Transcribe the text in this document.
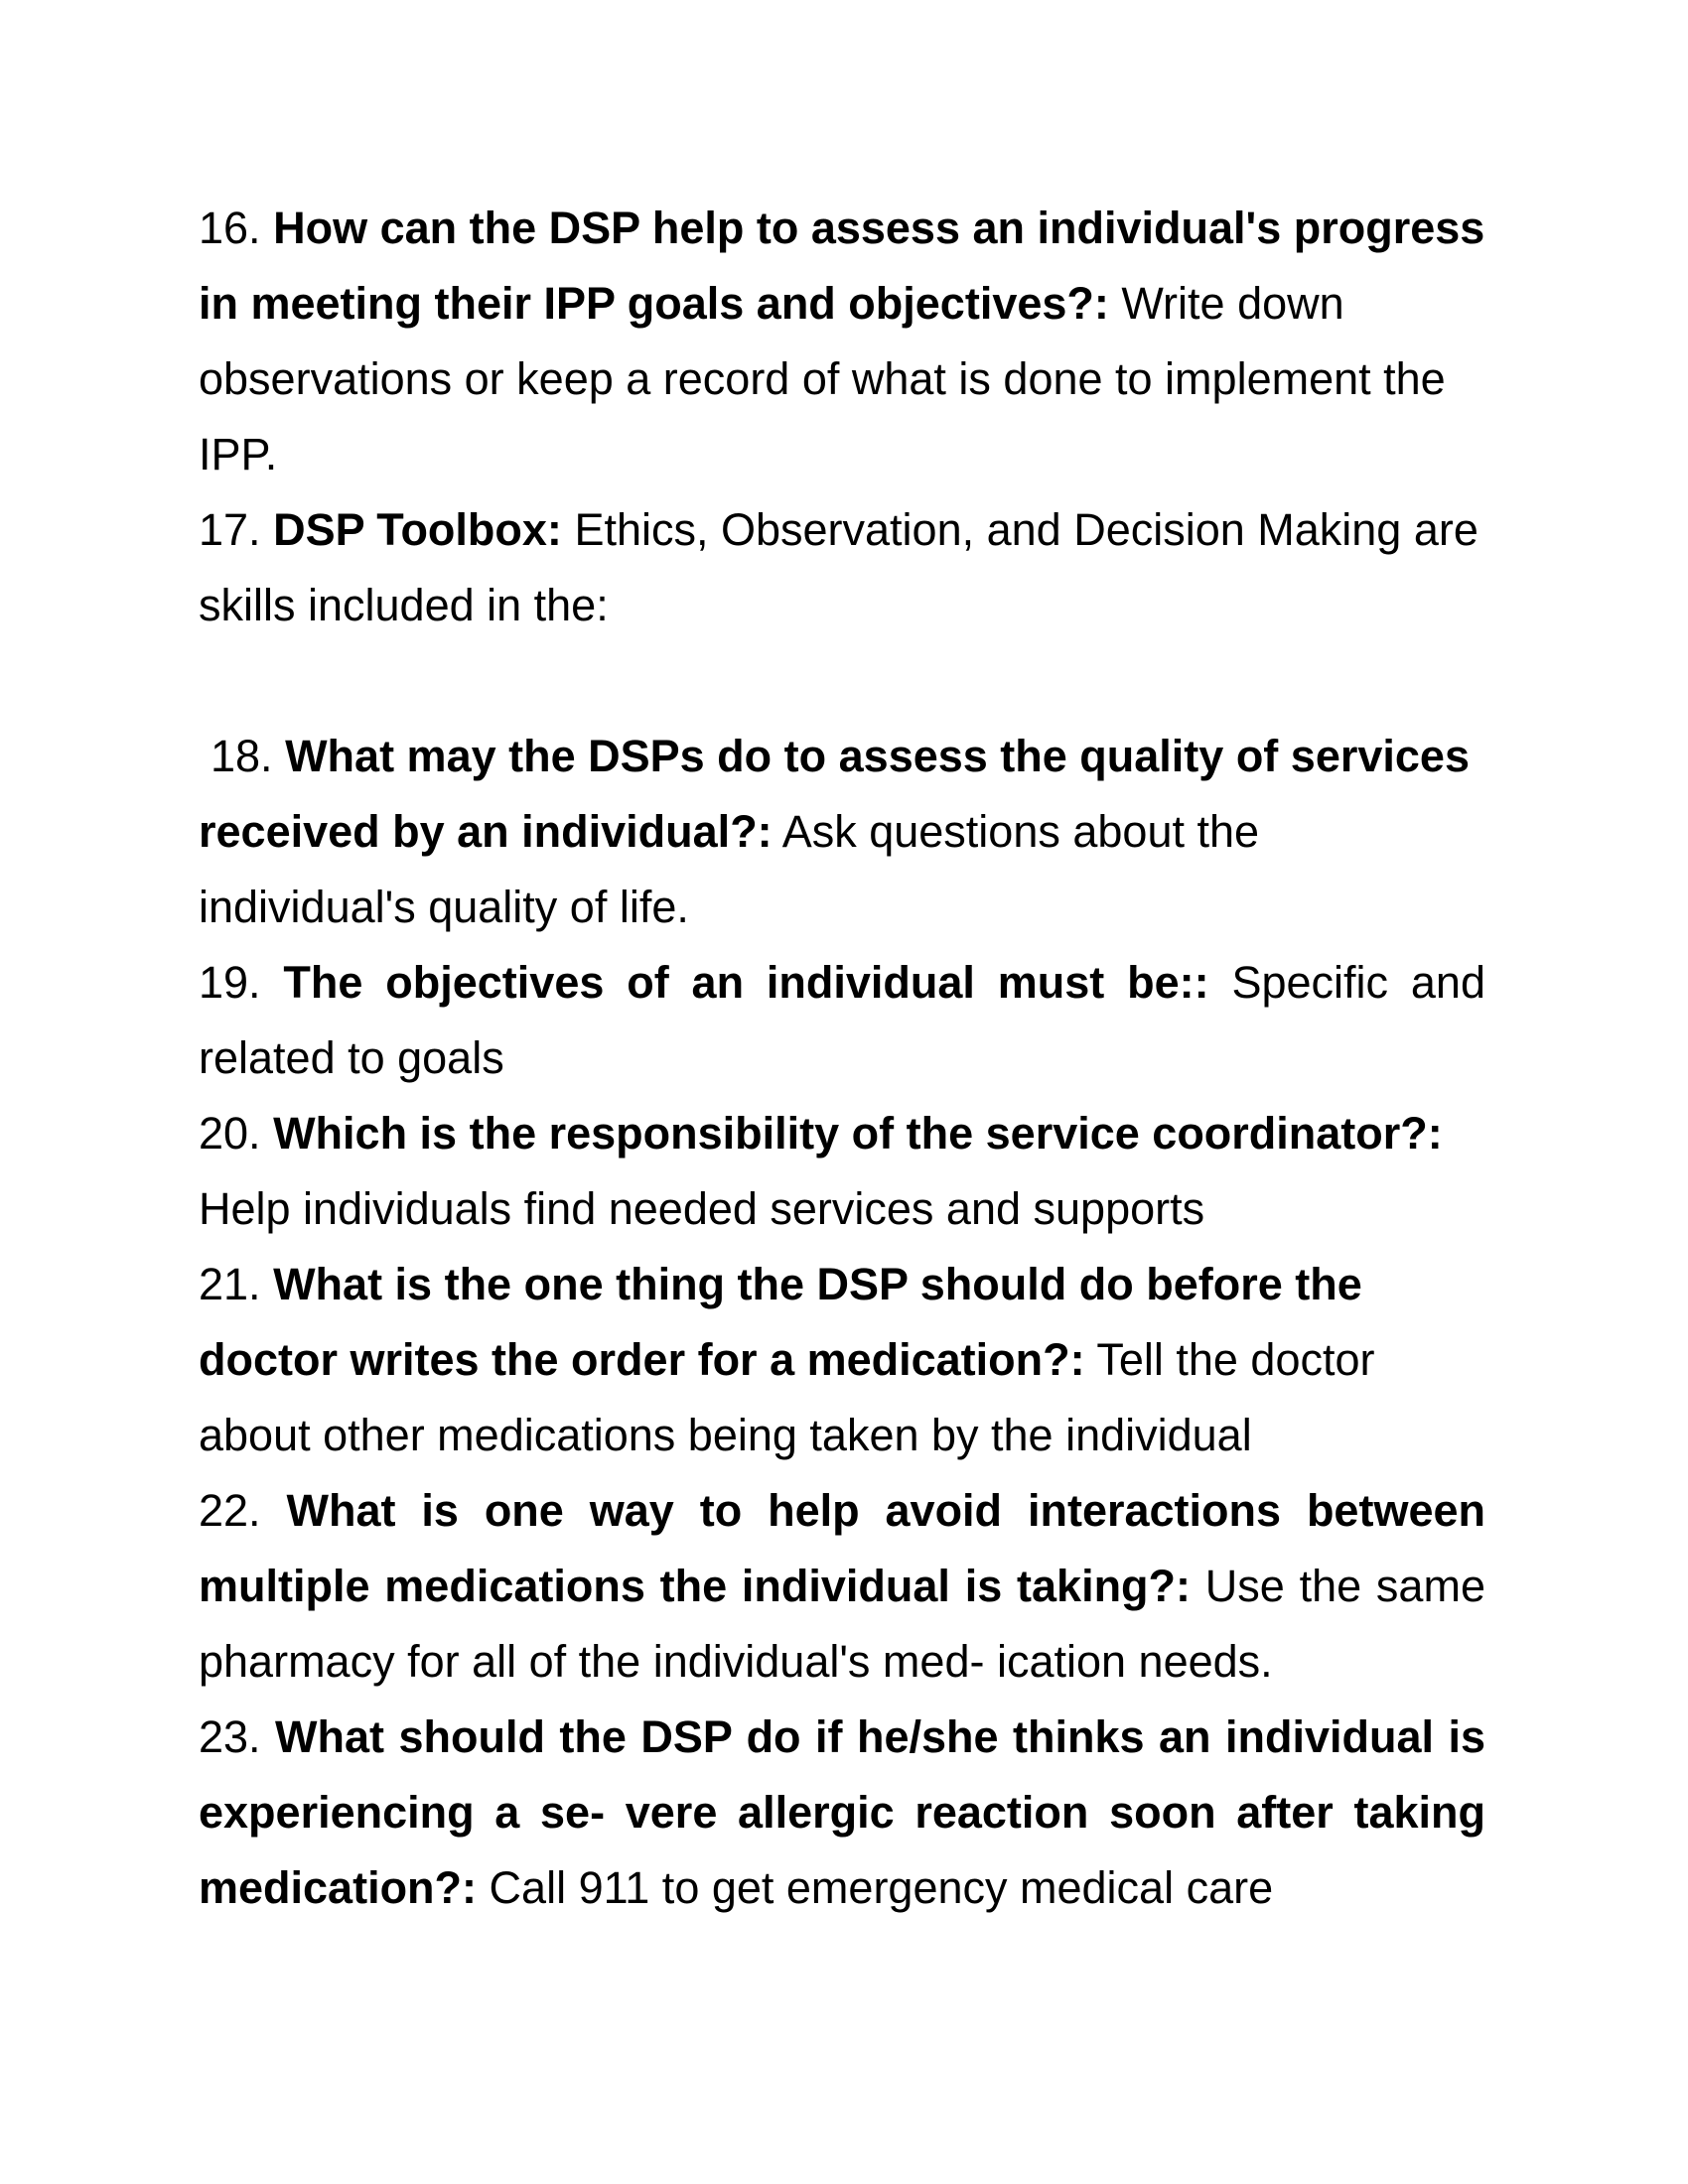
16. How can the DSP help to assess an individual's progress in meeting their IPP goals and objectives?: Write down observations or keep a record of what is done to implement the IPP.

17. DSP Toolbox: Ethics, Observation, and Decision Making are skills included in the:

18. What may the DSPs do to assess the quality of services received by an individual?: Ask questions about the individual's quality of life.

19. The objectives of an individual must be:: Specific and related to goals

20. Which is the responsibility of the service coordinator?:
Help individuals find needed services and supports

21. What is the one thing the DSP should do before the doctor writes the order for a medication?: Tell the doctor about other medications being taken by the individual

22. What is one way to help avoid interactions between multiple medications the individual is taking?: Use the same pharmacy for all of the individual's med- ication needs.

23. What should the DSP do if he/she thinks an individual is experiencing a se- vere allergic reaction soon after taking medication?: Call 911 to get emergency medical care
